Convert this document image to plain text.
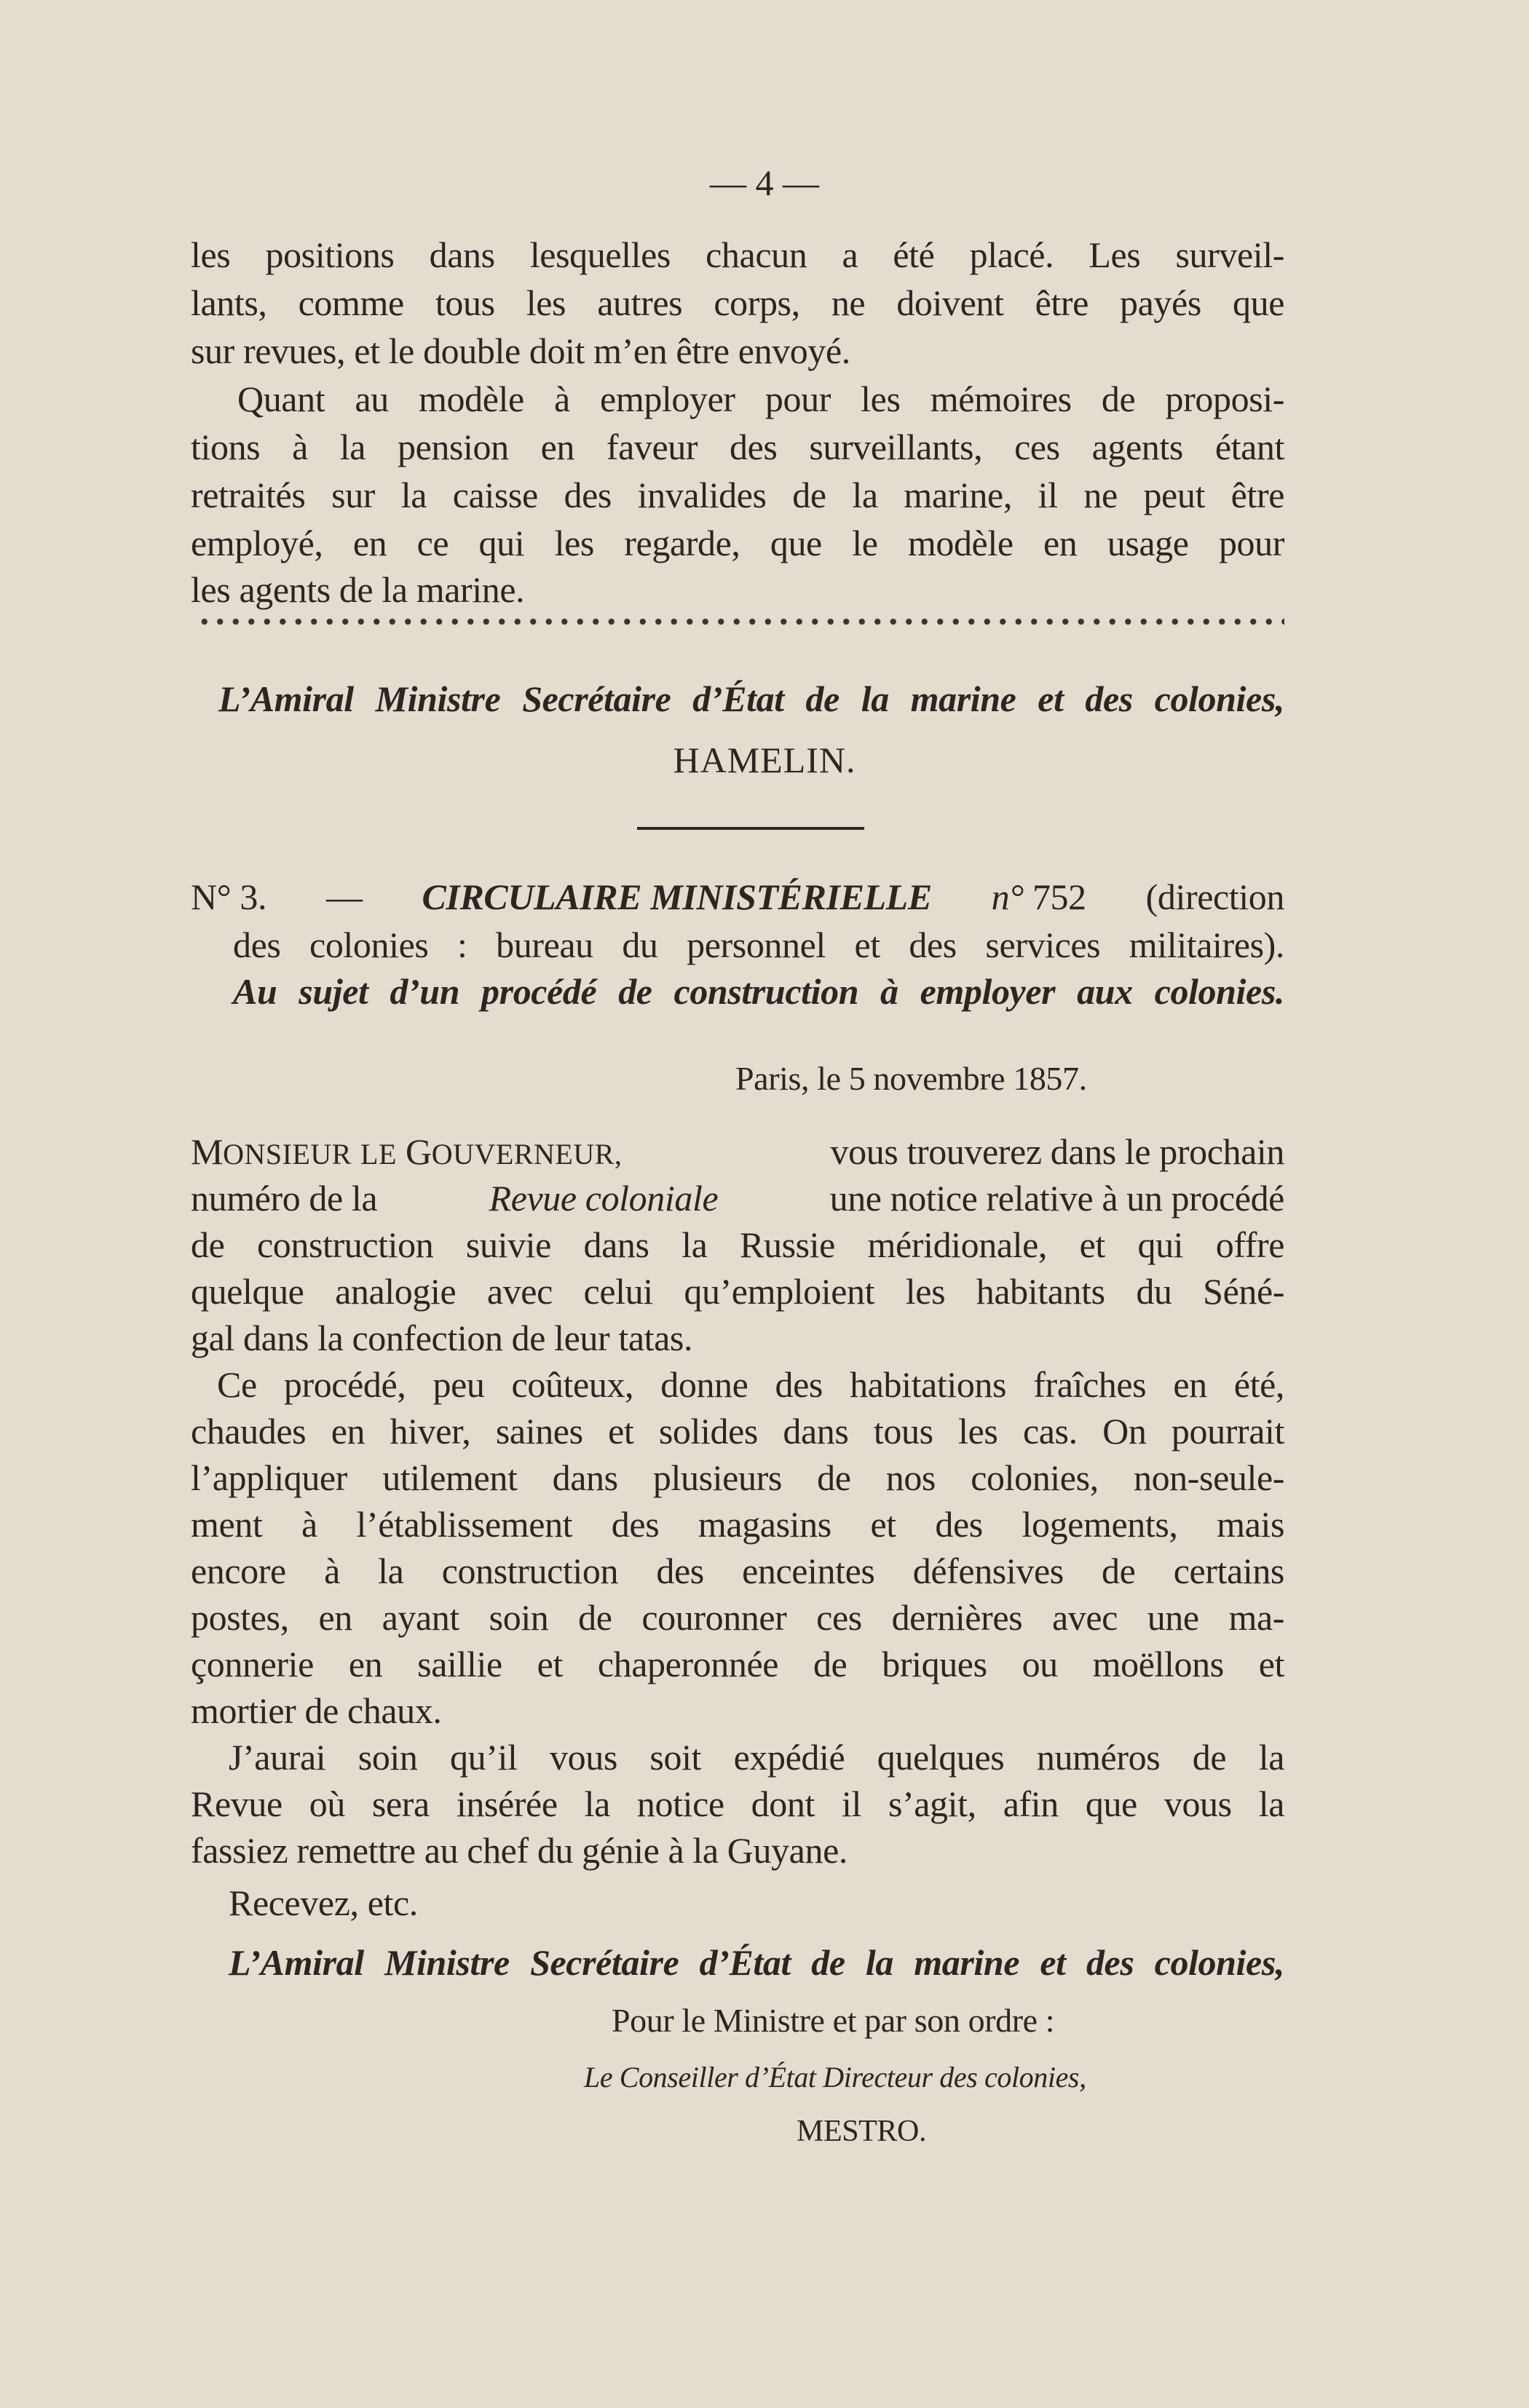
— 4 —
les positions dans lesquelles chacun a été placé. Les surveil-
lants, comme tous les autres corps, ne doivent être payés que
sur revues, et le double doit m’en être envoyé.
Quant au modèle à employer pour les mémoires de proposi-
tions à la pension en faveur des surveillants, ces agents étant
retraités sur la caisse des invalides de la marine, il ne peut être
employé, en ce qui les regarde, que le modèle en usage pour
les agents de la marine.
L’Amiral Ministre Secrétaire d’État de la marine et des colonies,
HAMELIN.
N° 3. — CIRCULAIRE MINISTÉRIELLE n° 752 (direction
des colonies : bureau du personnel et des services militaires).
Au sujet d’un procédé de construction à employer aux colonies.
Paris, le 5 novembre 1857.
MONSIEUR LE GOUVERNEUR,	vous trouverez dans le prochain
numéro de la	Revue coloniale	une notice relative à un procédé
de construction suivie dans la Russie méridionale, et qui offre
quelque analogie avec celui qu’emploient les habitants du Séné-
gal dans la confection de leur tatas.
Ce procédé, peu coûteux, donne des habitations fraîches en été,
chaudes en hiver, saines et solides dans tous les cas. On pourrait
l’appliquer utilement dans plusieurs de nos colonies, non-seule-
ment à l’établissement des magasins et des logements, mais
encore à la construction des enceintes défensives de certains
postes, en ayant soin de couronner ces dernières avec une ma-
çonnerie en saillie et chaperonnée de briques ou moëllons et
mortier de chaux.
J’aurai soin qu’il vous soit expédié quelques numéros de la
Revue où sera insérée la notice dont il s’agit, afin que vous la
fassiez remettre au chef du génie à la Guyane.
Recevez, etc.
L’Amiral Ministre Secrétaire d’État de la marine et des colonies,
Pour le Ministre et par son ordre :
Le Conseiller d’État Directeur des colonies,
MESTRO.
